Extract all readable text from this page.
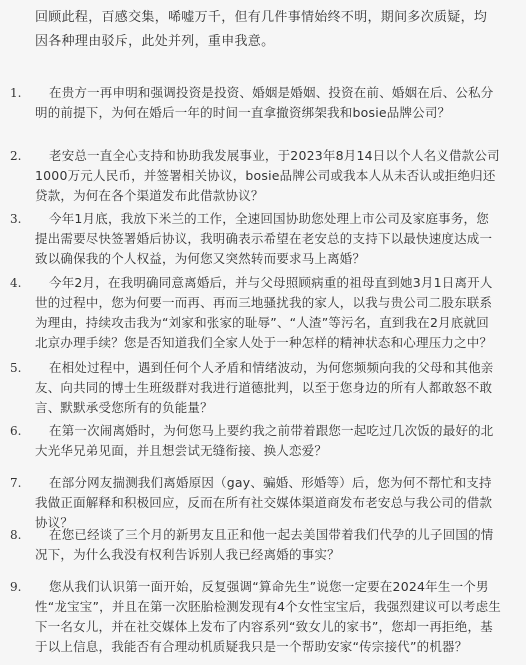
回顾此程，百感交集，唏嘘万千，但有几件事情始终不明，期间多次质疑，均因各种理由驳斥，此处并列，重申我意。
1.	在贵方一再申明和强调投资是投资、婚姻是婚姻、投资在前、婚姻在后、公私分明的前提下，为何在婚后一年的时间一直拿撤资绑架我和bosie品牌公司？
2.	老安总一直全心支持和协助我发展事业，于2023年8月14日以个人名义借款公司1000万元人民币，并签署相关协议，bosie品牌公司或我本人从未否认或拒绝归还贷款，为何在各个渠道发布此借款协议？
3.	今年1月底，我放下米兰的工作，全速回国协助您处理上市公司及家庭事务，您提出需要尽快签署婚后协议，我明确表示希望在老安总的支持下以最快速度达成一致以确保我的个人权益，为何您又突然转而要求马上离婚？
4.	今年2月，在我明确同意离婚后，并与父母照顾病重的祖母直到她3月1日离开人世的过程中，您为何要一而再、再而三地骚扰我的家人，以我与贵公司二股东联系为理由，持续攻击我为“刘家和张家的耻辱”、“人渣”等污名，直到我在2月底就回北京办理手续？您是否知道我们全家人处于一种怎样的精神状态和心理压力之中？
5.	在相处过程中，遇到任何个人矛盾和情绪波动，为何您频频向我的父母和其他亲友、向共同的博士生班级群对我进行道德批判，以至于您身边的所有人都敢怒不敢言、默默承受您所有的负能量？
6.	在第一次闹离婚时，为何您马上要约我之前带着跟您一起吃过几次饭的最好的北大光华兄弟见面，并且想尝试无缝衔接、换人恋爱？
7.	在部分网友揣测我们离婚原因（gay、骗婚、形婚等）后，您为何不帮忙和支持我做正面解释和积极回应，反而在所有社交媒体渠道商发布老安总与我公司的借款协议？
8.	在您已经谈了三个月的新男友且正和他一起去美国带着我们代孕的儿子回国的情况下，为什么我没有权利告诉别人我已经离婚的事实？
9.	您从我们认识第一面开始，反复强调“算命先生”说您一定要在2024年生一个男性“龙宝宝”，并且在第一次胚胎检测发现有4个女性宝宝后，我强烈建议可以考虑生下一名女儿，并在社交媒体上发布了内容系列“致女儿的家书”，您却一再拒绝，基于以上信息，我能否有合理动机质疑我只是一个帮助安家“传宗接代”的机器？
